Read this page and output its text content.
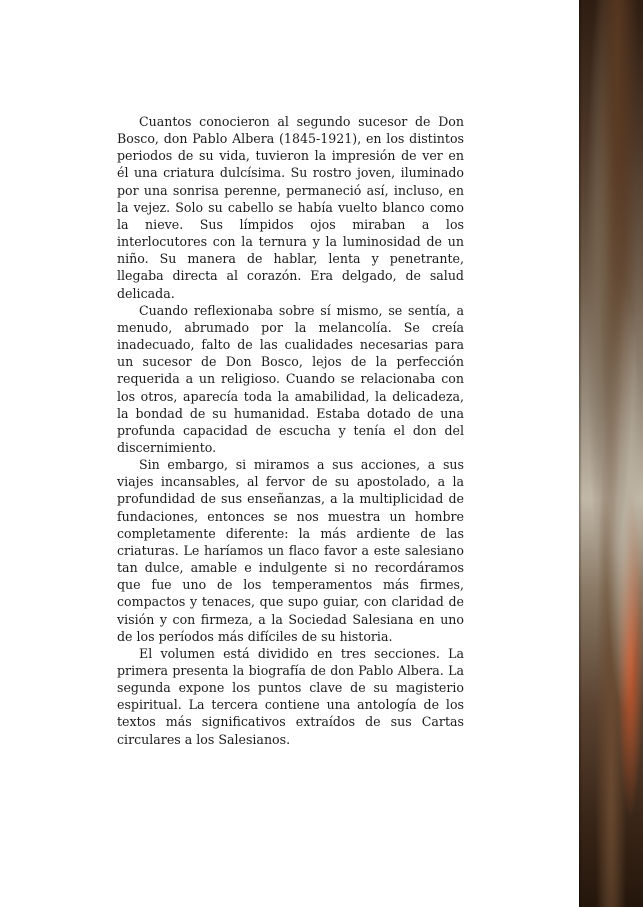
Cuantos conocieron al segundo sucesor de Don Bosco, don Pablo Albera (1845-1921), en los distintos periodos de su vida, tuvieron la impresión de ver en él una criatura dulcísima. Su rostro joven, iluminado por una sonrisa perenne, permaneció así, incluso, en la vejez. Solo su cabello se había vuelto blanco como la nieve. Sus límpidos ojos miraban a los interlocutores con la ternura y la luminosidad de un niño. Su manera de hablar, lenta y penetrante, llegaba directa al corazón. Era delgado, de salud delicada.

Cuando reflexionaba sobre sí mismo, se sentía, a menudo, abrumado por la melancolía. Se creía inadecuado, falto de las cualidades necesarias para un sucesor de Don Bosco, lejos de la perfección requerida a un religioso. Cuando se relacionaba con los otros, aparecía toda la amabilidad, la delicadeza, la bondad de su humanidad. Estaba dotado de una profunda capacidad de escucha y tenía el don del discernimiento.

Sin embargo, si miramos a sus acciones, a sus viajes incansables, al fervor de su apostolado, a la profundidad de sus enseñanzas, a la multiplicidad de fundaciones, entonces se nos muestra un hombre completamente diferente: la más ardiente de las criaturas. Le haríamos un flaco favor a este salesiano tan dulce, amable e indulgente si no recordáramos que fue uno de los temperamentos más firmes, compactos y tenaces, que supo guiar, con claridad de visión y con firmeza, a la Sociedad Salesiana en uno de los períodos más difíciles de su historia.

El volumen está dividido en tres secciones. La primera presenta la biografía de don Pablo Albera. La segunda expone los puntos clave de su magisterio espiritual. La tercera contiene una antología de los textos más significativos extraídos de sus Cartas circulares a los Salesianos.
